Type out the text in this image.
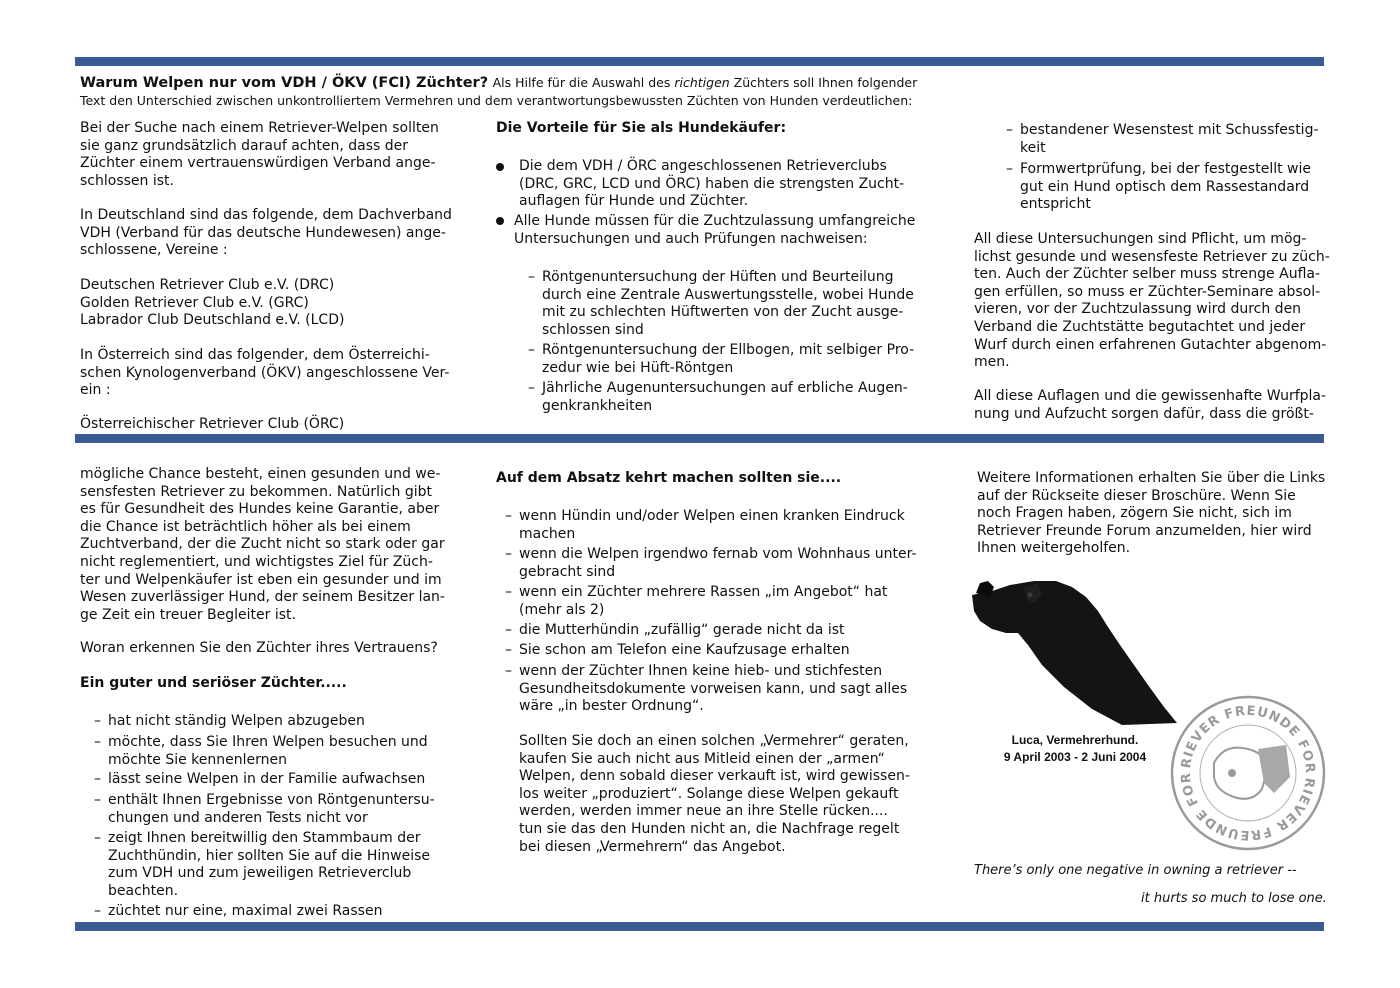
Warum Welpen nur vom VDH / ÖKV (FCI) Züchter? Als Hilfe für die Auswahl des richtigen Züchters soll Ihnen folgender
Text den Unterschied zwischen unkontrolliertem Vermehren und dem verantwortungsbewussten Züchten von Hunden verdeutlichen:
Bei der Suche nach einem Retriever-Welpen sollten
sie ganz grundsätzlich darauf achten, dass der
Züchter einem vertrauenswürdigen Verband ange-
schlossen ist.
In Deutschland sind das folgende, dem Dachverband
VDH (Verband für das deutsche Hundewesen) ange-
schlossene, Vereine :
Deutschen Retriever Club e.V. (DRC)
Golden Retriever Club e.V. (GRC)
Labrador Club Deutschland e.V. (LCD)
In Österreich sind das folgender, dem Österreichi-
schen Kynologenverband (ÖKV) angeschlossene Ver-
ein :
Österreichischer Retriever Club (ÖRC)
Die Vorteile für Sie als Hundekäufer:
Die dem VDH / ÖRC angeschlossenen Retrieverclubs
(DRC, GRC, LCD und ÖRC) haben die strengsten Zucht-
auflagen für Hunde und Züchter.
Alle Hunde müssen für die Zuchtzulassung umfangreiche
Untersuchungen und auch Prüfungen nachweisen:
– Röntgenuntersuchung der Hüften und Beurteilung
durch eine Zentrale Auswertungsstelle, wobei Hunde
mit zu schlechten Hüftwerten von der Zucht ausge-
schlossen sind
– Röntgenuntersuchung der Ellbogen, mit selbiger Pro-
zedur wie bei Hüft-Röntgen
– Jährliche Augenuntersuchungen auf erbliche Augen-
genkrankheiten
– bestandener Wesenstest mit Schussfestig-
keit
– Formwertprüfung, bei der festgestellt wie
gut ein Hund optisch dem Rassestandard
entspricht
All diese Untersuchungen sind Pflicht, um mög-
lichst gesunde und wesensfeste Retriever zu züch-
ten. Auch der Züchter selber muss strenge Aufla-
gen erfüllen, so muss er Züchter-Seminare absol-
vieren, vor der Zuchtzulassung wird durch den
Verband die Zuchtstätte begutachtet und jeder
Wurf durch einen erfahrenen Gutachter abgenom-
men.
All diese Auflagen und die gewissenhafte Wurfpla-
nung und Aufzucht sorgen dafür, dass die größt-
mögliche Chance besteht, einen gesunden und we-
sensfesten Retriever zu bekommen. Natürlich gibt
es für Gesundheit des Hundes keine Garantie, aber
die Chance ist beträchtlich höher als bei einem
Zuchtverband, der die Zucht nicht so stark oder gar
nicht reglementiert, und wichtigstes Ziel für Züch-
ter und Welpenkäufer ist eben ein gesunder und im
Wesen zuverlässiger Hund, der seinem Besitzer lan-
ge Zeit ein treuer Begleiter ist.
Woran erkennen Sie den Züchter ihres Vertrauens?
Ein guter und seriöser Züchter.....
– hat nicht ständig Welpen abzugeben
– möchte, dass Sie Ihren Welpen besuchen und
möchte Sie kennenlernen
– lässt seine Welpen in der Familie aufwachsen
– enthält Ihnen Ergebnisse von Röntgenuntersu-
chungen und anderen Tests nicht vor
– zeigt Ihnen bereitwillig den Stammbaum der
Zuchthündin, hier sollten Sie auf die Hinweise
zum VDH und zum jeweiligen Retrieverclub
beachten.
– züchtet nur eine, maximal zwei Rassen
Auf dem Absatz kehrt machen sollten sie....
– wenn Hündin und/oder Welpen einen kranken Eindruck
machen
– wenn die Welpen irgendwo fernab vom Wohnhaus unter-
gebracht sind
– wenn ein Züchter mehrere Rassen „im Angebot“ hat
(mehr als 2)
– die Mutterhündin „zufällig“ gerade nicht da ist
– Sie schon am Telefon eine Kaufzusage erhalten
– wenn der Züchter Ihnen keine hieb- und stichfesten
Gesundheitsdokumente vorweisen kann, und sagt alles
wäre „in bester Ordnung“.
Sollten Sie doch an einen solchen „Vermehrer“ geraten,
kaufen Sie auch nicht aus Mitleid einen der „armen“
Welpen, denn sobald dieser verkauft ist, wird gewissen-
los weiter „produziert“. Solange diese Welpen gekauft
werden, werden immer neue an ihre Stelle rücken....
tun sie das den Hunden nicht an, die Nachfrage regelt
bei diesen „Vermehrern“ das Angebot.
Weitere Informationen erhalten Sie über die Links
auf der Rückseite dieser Broschüre. Wenn Sie
noch Fragen haben, zögern Sie nicht, sich im
Retriever Freunde Forum anzumelden, hier wird
Ihnen weitergeholfen.
Luca, Vermehrerhund.
9 April 2003 - 2 Juni 2004	RIEVER FREUNDE FOR
RIEVER FREUNDE FOR
There’s only one negative in owning a retriever --
it hurts so much to lose one.
